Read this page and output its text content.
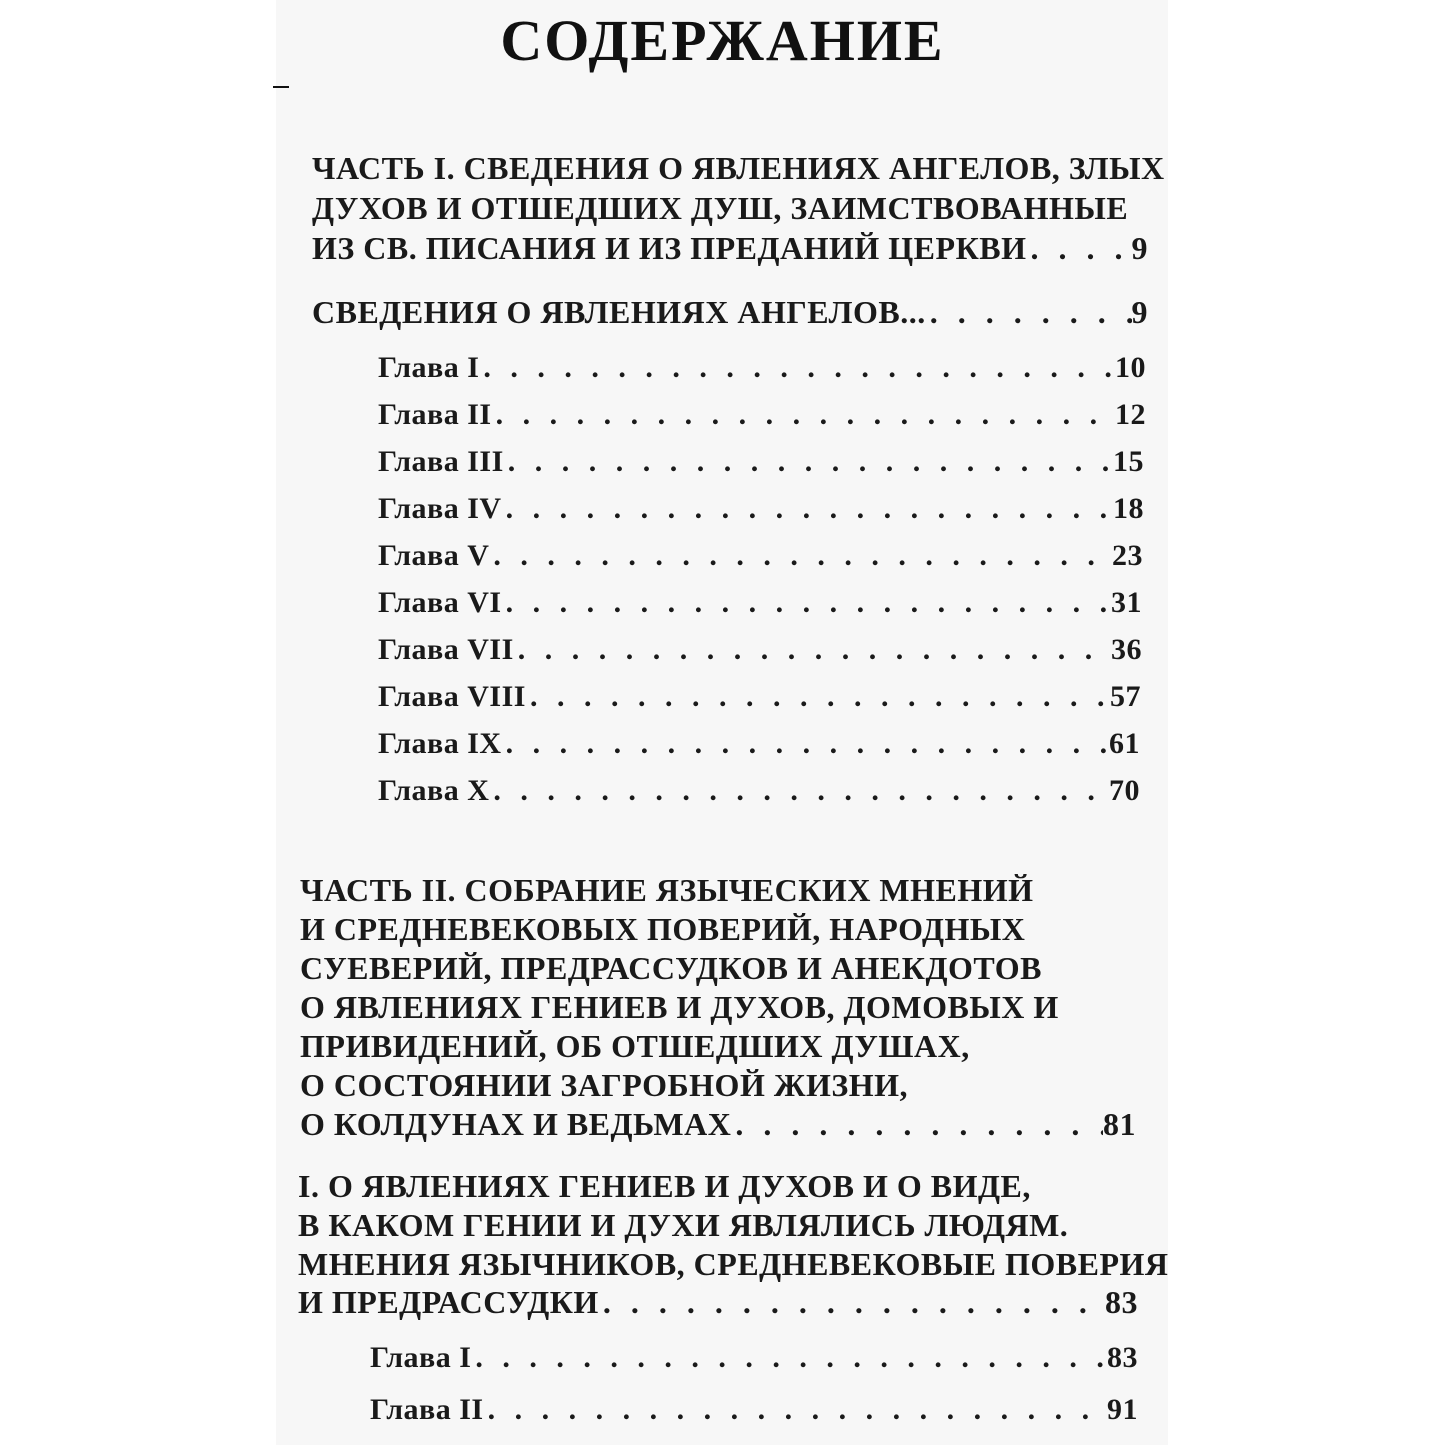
СОДЕРЖАНИЕ
ЧАСТЬ I. СВЕДЕНИЯ О ЯВЛЕНИЯХ АНГЕЛОВ, ЗЛЫХ
ДУХОВ И ОТШЕДШИХ ДУШ, ЗАИМСТВОВАННЫЕ
ИЗ СВ. ПИСАНИЯ И ИЗ ПРЕДАНИЙ ЦЕРКВИ . . .	9
СВЕДЕНИЯ О ЯВЛЕНИЯХ АНГЕЛОВ... . . .	9
Глава I . . .	10
Глава II . . .	12
Глава III . . .	15
Глава IV . . .	18
Глава V . . .	23
Глава VI . . .	31
Глава VII . . .	36
Глава VIII . . .	57
Глава IX . . .	61
Глава X . . .	70
ЧАСТЬ II. СОБРАНИЕ ЯЗЫЧЕСКИХ МНЕНИЙ
И СРЕДНЕВЕКОВЫХ ПОВЕРИЙ, НАРОДНЫХ
СУЕВЕРИЙ, ПРЕДРАССУДКОВ И АНЕКДОТОВ
О ЯВЛЕНИЯХ ГЕНИЕВ И ДУХОВ, ДОМОВЫХ И
ПРИВИДЕНИЙ, ОБ ОТШЕДШИХ ДУШАХ,
О СОСТОЯНИИ ЗАГРОБНОЙ ЖИЗНИ,
О КОЛДУНАХ И ВЕДЬМАХ . . .	81
I. О ЯВЛЕНИЯХ ГЕНИЕВ И ДУХОВ И О ВИДЕ,
В КАКОМ ГЕНИИ И ДУХИ ЯВЛЯЛИСЬ ЛЮДЯМ.
МНЕНИЯ ЯЗЫЧНИКОВ, СРЕДНЕВЕКОВЫЕ ПОВЕРИЯ
И ПРЕДРАССУДКИ . . .	83
Глава I . . .	83
Глава II . . .	91
